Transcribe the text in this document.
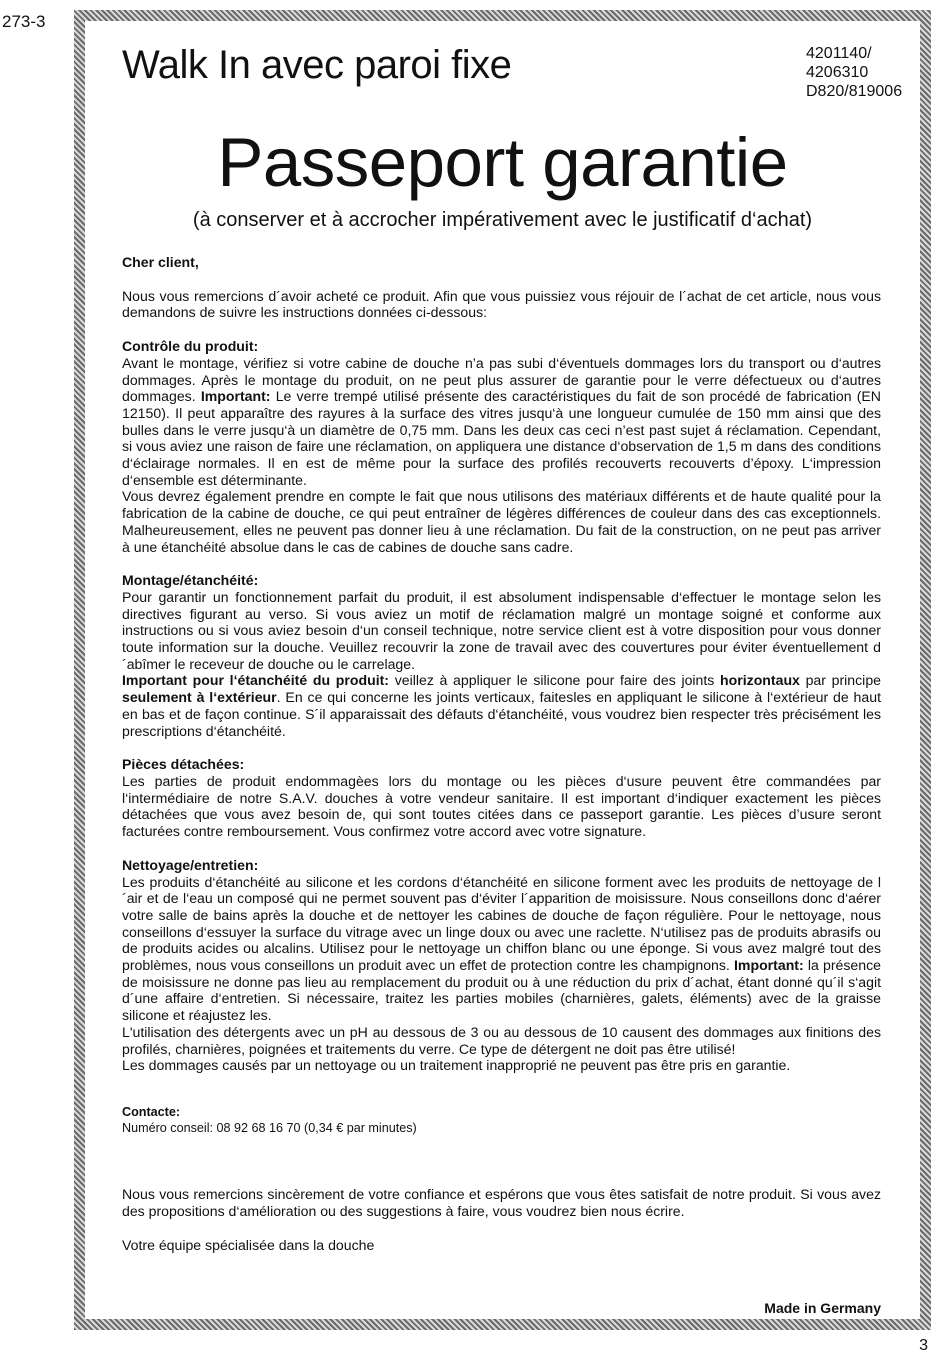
273-3
Walk In avec paroi fixe	4201140/
4206310
D820/819006
Passeport garantie
(à conserver et à accrocher impérativement avec le justificatif d‘achat)

Cher client,

Nous vous remercions d´avoir acheté ce produit. Afin que vous puissiez vous réjouir de l´achat de cet article, nous vous demandons de suivre les instructions données ci-dessous:

Contrôle du produit:

Avant le montage, vérifiez si votre cabine de douche n’a pas subi d‘éventuels dommages lors du transport ou d‘autres dommages. Après le montage du produit, on ne peut plus assurer de garantie pour le verre défectueux ou d‘autres dommages. Important: Le verre trempé utilisé présente des caractéristiques du fait de son procédé de fabrication (EN 12150). Il peut apparaître des rayures à la surface des vitres jusqu‘à une longueur cumulée de 150 mm ainsi que des bulles dans le verre jusqu‘à un diamètre de 0,75 mm. Dans les deux cas ceci n’est past sujet á réclamation. Cependant, si vous aviez une raison de faire une réclamation, on appliquera une distance d‘observation de 1,5 m dans des conditions d‘éclairage normales. Il en est de même pour la surface des profilés recouverts recouverts d’époxy. L‘impression d‘ensemble est déterminante.

Vous devrez également prendre en compte le fait que nous utilisons des matériaux différents et de haute qualité pour la fabrication de la cabine de douche, ce qui peut entraîner de légères différences de couleur dans des cas exceptionnels. Malheureusement, elles ne peuvent pas donner lieu à une réclamation. Du fait de la construction, on ne peut pas arriver à une étanchéité absolue dans le cas de cabines de douche sans cadre.

Montage/étanchéité:

Pour garantir un fonctionnement parfait du produit, il est absolument indispensable d‘effectuer le montage selon les directives figurant au verso. Si vous aviez un motif de réclamation malgré un montage soigné et conforme aux instructions ou si vous aviez besoin d‘un conseil technique, notre service client est à votre disposition pour vous donner toute information sur la douche. Veuillez recouvrir la zone de travail avec des couvertures pour éviter éventuellement d´abîmer le receveur de douche ou le carrelage.

Important pour l‘étanchéité du produit: veillez à appliquer le silicone pour faire des joints horizontaux par principe seulement à l‘extérieur. En ce qui concerne les joints verticaux, faitesles en appliquant le silicone à l‘extérieur de haut en bas et de façon continue. S´il apparaissait des défauts d‘étanchéité, vous voudrez bien respecter très précisément les prescriptions d‘étanchéité.

Pièces détachées:

Les parties de produit endommagèes lors du montage ou les pièces d‘usure peuvent être commandées par l‘intermédiaire de notre S.A.V. douches à votre vendeur sanitaire. Il est important d‘indiquer exactement les pièces détachées que vous avez besoin de, qui sont toutes citées dans ce passeport garantie. Les pièces d’usure seront facturées contre remboursement. Vous confirmez votre accord avec votre signature.

Nettoyage/entretien:

Les produits d‘étanchéité au silicone et les cordons d‘étanchéité en silicone forment avec les produits de nettoyage de l´air et de l‘eau un composé qui ne permet souvent pas d‘éviter l´apparition de moisissure. Nous conseillons donc d‘aérer votre salle de bains après la douche et de nettoyer les cabines de douche de façon régulière. Pour le nettoyage, nous conseillons d‘essuyer la surface du vitrage avec un linge doux ou avec une raclette. N‘utilisez pas de produits abrasifs ou de produits acides ou alcalins. Utilisez pour le nettoyage un chiffon blanc ou une éponge. Si vous avez malgré tout des problèmes, nous vous conseillons un produit avec un effet de protection contre les champignons. Important: la présence de moisissure ne donne pas lieu au remplacement du produit ou à une réduction du prix d´achat, étant donné qu´il s‘agit d´une affaire d‘entretien. Si nécessaire, traitez les parties mobiles (charnières, galets, éléments) avec de la graisse silicone et réajustez les.

L'utilisation des détergents avec un pH au dessous de 3 ou au dessous de 10 causent des dommages aux finitions des profilés, charnières, poignées et traitements du verre. Ce type de détergent ne doit pas être utilisé!

Les dommages causés par un nettoyage ou un traitement inapproprié ne peuvent pas être pris en garantie.

Contacte:
Numéro conseil: 08 92 68 16 70 (0,34 € par minutes)

Nous vous remercions sincèrement de votre confiance et espérons que vous êtes satisfait de notre produit. Si vous avez des propositions d‘amélioration ou des suggestions à faire, vous voudrez bien nous écrire.

Votre équipe spécialisée dans la douche

Made in Germany
3
